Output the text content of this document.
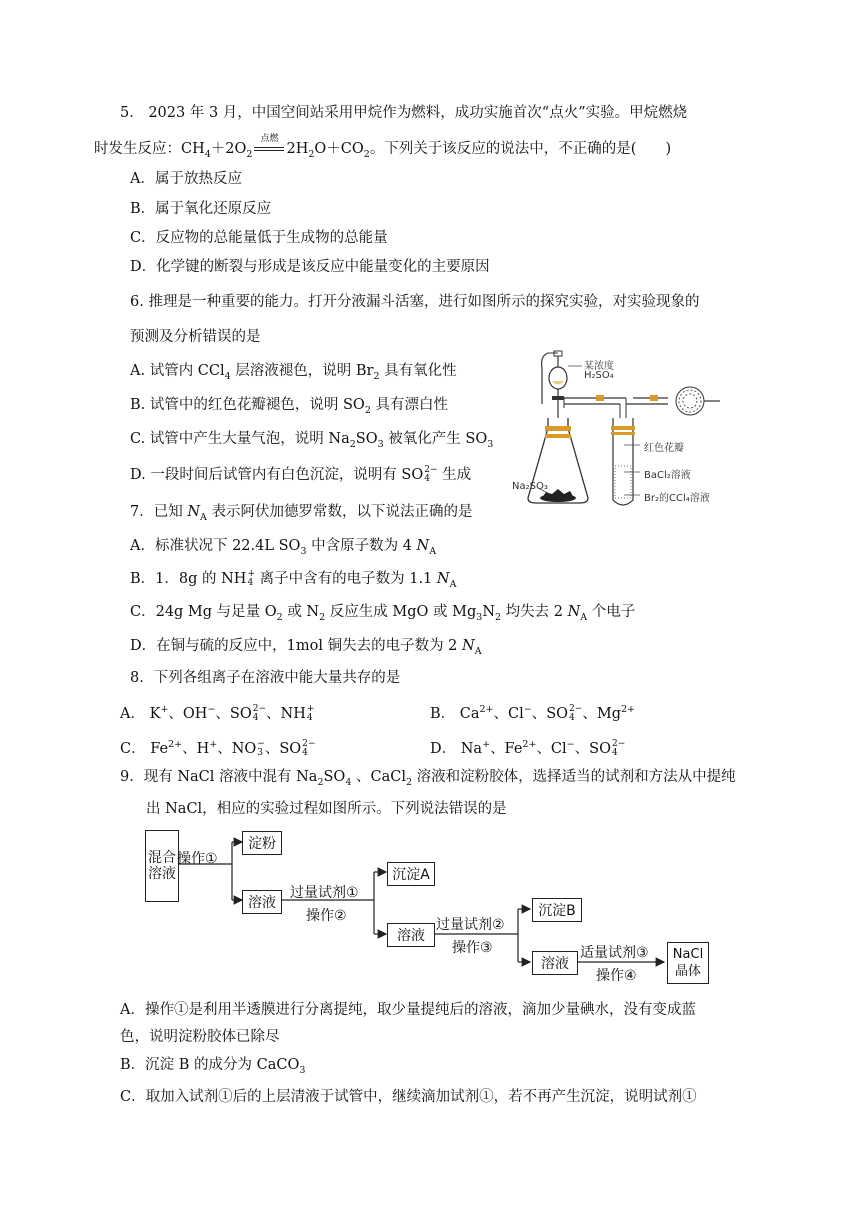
5． 2023 年 3 月，中国空间站采用甲烷作为燃料，成功实施首次“点火”实验。甲烷燃烧
时发生反应：$CH_4+2O_2$
点燃
$2H_2O+CO_2$。下列关于该反应的说法中，不正确的是(　　)
A．属于放热反应
B．属于氧化还原反应
C．反应物的总能量低于生成物的总能量
D．化学键的断裂与形成是该反应中能量变化的主要原因
6. 推理是一种重要的能力。打开分液漏斗活塞，进行如图所示的探究实验，对实验现象的
预测及分析错误的是
A. 试管内 CCl$_4$ 层溶液褪色，说明 $Br_2$ 具有氧化性
B. 试管中的红色花瓣褪色，说明 $SO_2$ 具有漂白性
C. 试管中产生大量气泡，说明 $Na_2SO_3$ 被氧化产生 $SO_3$
D. 一段时间后试管内有白色沉淀，说明有 SO 2−
4 生成
某浓度
H₂SO₄
红色花瓣
BaCl₂溶液
Br₂的CCl₄溶液
Na₂SO₃
7．已知 $N_A$ 表示阿伏加德罗常数，以下说法正确的是
A．标准状况下 22.4L $SO_3$ 中含原子数为 4 $N_A$
B．1．8g 的 NH +
4 离子中含有的电子数为 1.1 $N_A$
C．24g Mg 与足量 $O_2$ 或 $N_2$ 反应生成 MgO 或 $Mg_3N_2$ 均失去 2 $N_A$ 个电子
D．在铜与硫的反应中，1mol 铜失去的电子数为 2 $N_A$
8．下列各组离子在溶液中能大量共存的是
A． K+、OH−、SO 2−
4 、NH +
4	B． $Ca^{2+}$、Cl−、SO 2−
4 、$Mg^{2+}$
C． $Fe^{2+}$、H+、NO −
3 、SO 2−
4	D． Na+、$Fe^{2+}$、Cl−、SO 2−
4
9．现有 NaCl 溶液中混有 $Na_2SO_4$ 、CaCl$_2$ 溶液和淀粉胶体，选择适当的试剂和方法从中提纯
出 NaCl，相应的实验过程如图所示。下列说法错误的是
混合溶液
操作①
淀粉
溶液
过量试剂①
操作②
沉淀A
溶液
过量试剂②
操作③
沉淀B
溶液
适量试剂③
操作④
NaCl晶体
A．操作①是利用半透膜进行分离提纯，取少量提纯后的溶液，滴加少量碘水，没有变成蓝
色，说明淀粉胶体已除尽
B．沉淀 B 的成分为 CaCO$_3$
C．取加入试剂①后的上层清液于试管中，继续滴加试剂①，若不再产生沉淀，说明试剂①
